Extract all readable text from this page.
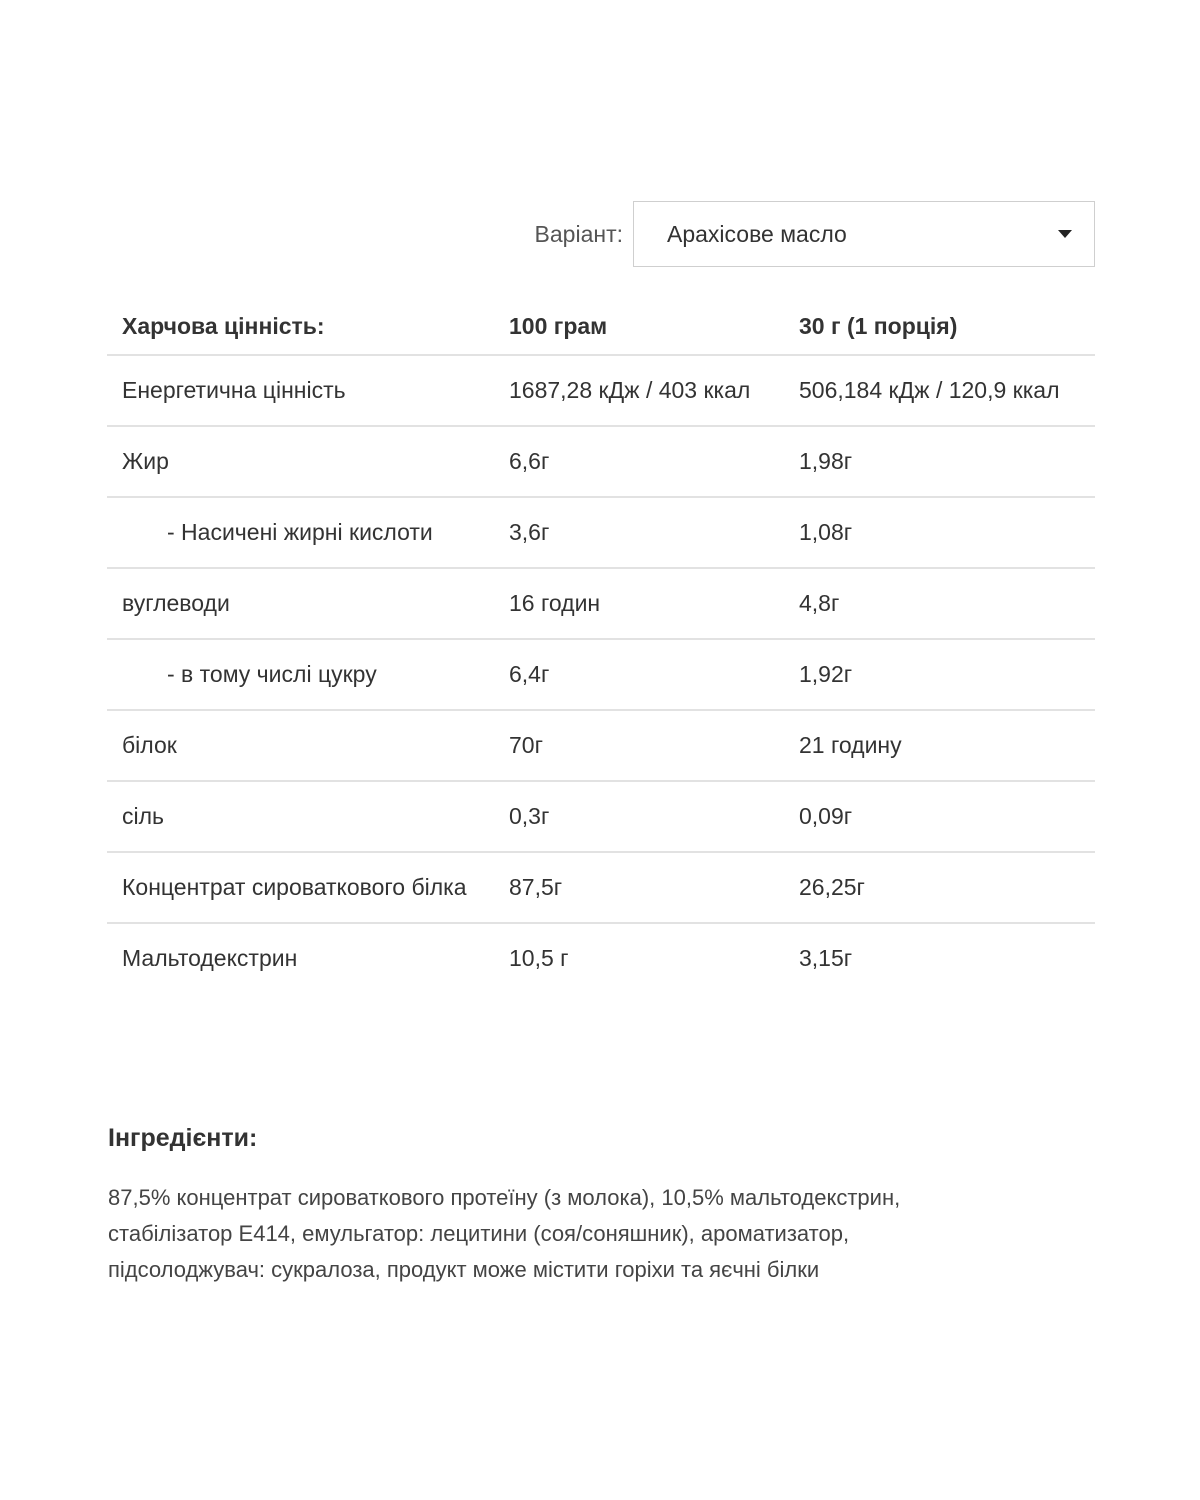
Варіант: Арахісове масло
Харчова цінність:	100 грам	30 г (1 порція)
Енергетична цінність	1687,28 кДж / 403 ккал	506,184 кДж / 120,9 ккал
Жир	6,6г	1,98г
- Насичені жирні кислоти	3,6г	1,08г
вуглеводи	16 годин	4,8г
- в тому числі цукру	6,4г	1,92г
білок	70г	21 годину
сіль	0,3г	0,09г
Концентрат сироваткового білка	87,5г	26,25г
Мальтодекстрин	10,5 г	3,15г
Інгредієнти:

87,5% концентрат сироваткового протеїну (з молока), 10,5% мальтодекстрин, стабілізатор Е414, емульгатор: лецитини (соя/соняшник), ароматизатор, підсолоджувач: сукралоза, продукт може містити горіхи та яєчні білки
